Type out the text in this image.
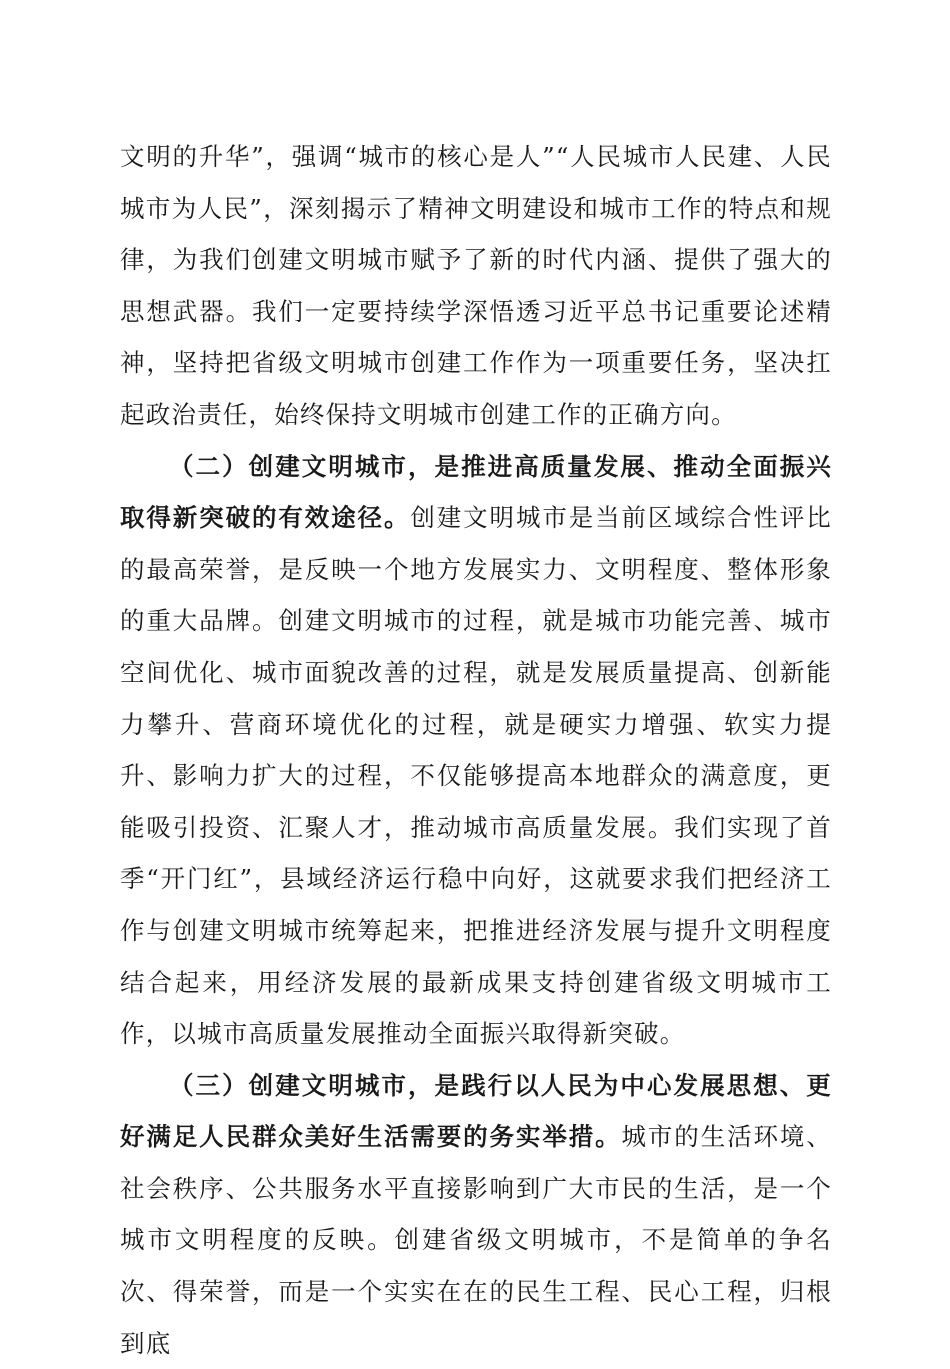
文明的升华”，强调“城市的核心是人”“人民城市人民建、人民城市为人民”，深刻揭示了精神文明建设和城市工作的特点和规律，为我们创建文明城市赋予了新的时代内涵、提供了强大的思想武器。我们一定要持续学深悟透习近平总书记重要论述精神，坚持把省级文明城市创建工作作为一项重要任务，坚决扛起政治责任，始终保持文明城市创建工作的正确方向。

（二）创建文明城市，是推进高质量发展、推动全面振兴取得新突破的有效途径。创建文明城市是当前区域综合性评比的最高荣誉，是反映一个地方发展实力、文明程度、整体形象的重大品牌。创建文明城市的过程，就是城市功能完善、城市空间优化、城市面貌改善的过程，就是发展质量提高、创新能力攀升、营商环境优化的过程，就是硬实力增强、软实力提升、影响力扩大的过程，不仅能够提高本地群众的满意度，更能吸引投资、汇聚人才，推动城市高质量发展。我们实现了首季“开门红”，县域经济运行稳中向好，这就要求我们把经济工作与创建文明城市统筹起来，把推进经济发展与提升文明程度结合起来，用经济发展的最新成果支持创建省级文明城市工作，以城市高质量发展推动全面振兴取得新突破。

（三）创建文明城市，是践行以人民为中心发展思想、更好满足人民群众美好生活需要的务实举措。城市的生活环境、社会秩序、公共服务水平直接影响到广大市民的生活，是一个城市文明程度的反映。创建省级文明城市，不是简单的争名次、得荣誉，而是一个实实在在的民生工程、民心工程，归根到底
